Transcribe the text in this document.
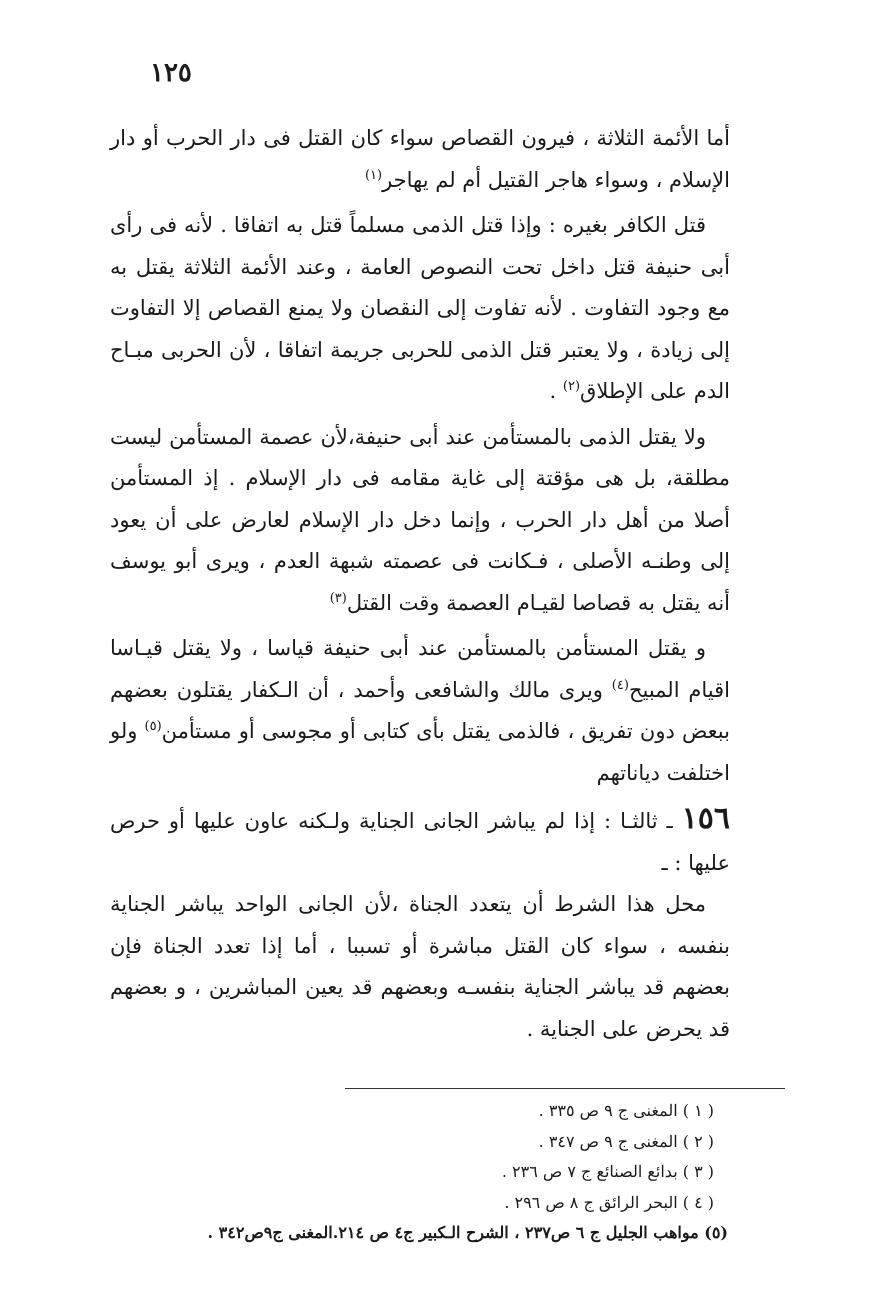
١٢٥

أما الأئمة الثلاثة ، فيرون القصاص سواء كان القتل فى دار الحرب أو دار الإسلام ، وسواء هاجر القتيل أم لم يهاجر$^{(١)}$

قتل الكافر بغيره : وإذا قتل الذمى مسلماً قتل به اتفاقا . لأنه فى رأى أبى حنيفة قتل داخل تحت النصوص العامة ، وعند الأئمة الثلاثة يقتل به مع وجود التفاوت . لأنه تفاوت إلى النقصان ولا يمنع القصاص إلا التفاوت إلى زيادة ، ولا يعتبر قتل الذمى للحربى جريمة اتفاقا ، لأن الحربى مبـاح الدم على الإطلاق$^{(٢)}$ .

ولا يقتل الذمى بالمستأمن عند أبى حنيفة،لأن عصمة المستأمن ليست مطلقة، بل هى مؤقتة إلى غاية مقامه فى دار الإسلام . إذ المستأمن أصلا من أهل دار الحرب ، وإنما دخل دار الإسلام لعارض على أن يعود إلى وطنـه الأصلى ، فـكانت فى عصمته شبهة العدم ، ويرى أبو يوسف أنه يقتل به قصاصا لقيـام العصمة وقت القتل$^{(٣)}$

و يقتل المستأمن بالمستأمن عند أبى حنيفة قياسا ، ولا يقتل قيـاسا اقيام المبيح$^{(٤)}$ ويرى مالك والشافعى وأحمد ، أن الـكفار يقتلون بعضهم ببعض دون تفريق ، فالذمى يقتل بأى كتابى أو مجوسى أو مستأمن$^{(٥)}$ ولو اختلفت دياناتهم

١٥٦ ـ ثالثـا : إذا لم يباشر الجانى الجناية ولـكنه عاون عليها أو حرص عليها : ـ

محل هذا الشرط أن يتعدد الجناة ،لأن الجانى الواحد يباشر الجناية بنفسه ، سواء كان القتل مباشرة أو تسببا ، أما إذا تعدد الجناة فإن بعضهم قد يباشر الجناية بنفسـه وبعضهم قد يعين المباشرين ، و بعضهم قد يحرض على الجناية .

( ١ ) المغنى ج ٩ ص ٣٣٥ .

( ٢ ) المغنى ج ٩ ص ٣٤٧ .

( ٣ ) بدائع الصنائع ج ٧ ص ٢٣٦ .

( ٤ ) البحر الرائق ج ٨ ص ٢٩٦ .

(٥) مواهب الجليل ج ٦ ص٢٣٧ ، الشرح الـكبير ج٤ ص ٢١٤.المغنى ج٩ص٣٤٢ .
